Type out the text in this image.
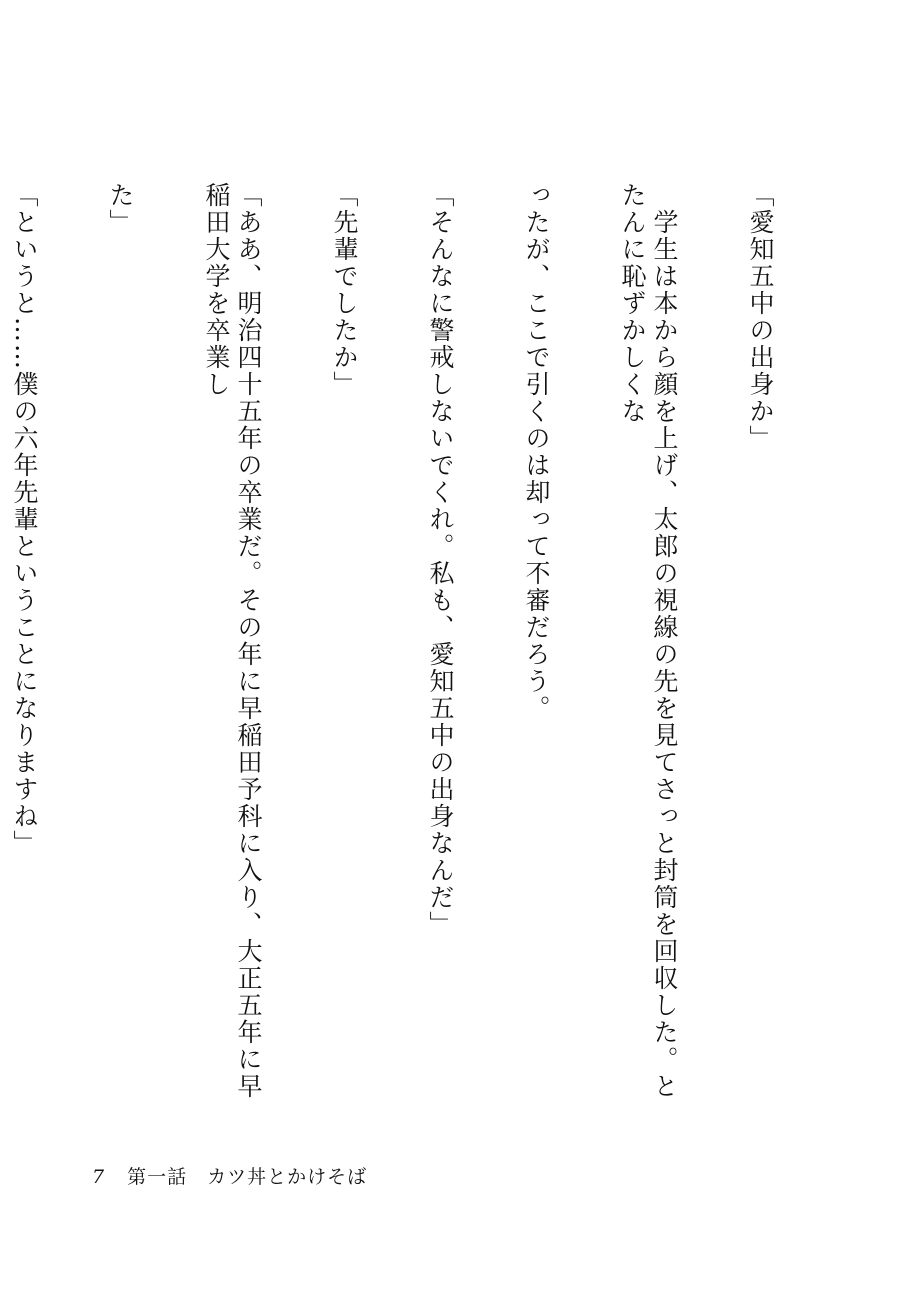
「愛知五中の出身か」

　学生は本から顔を上げ、太郎の視線の先を見てさっと封筒を回収した。とたんに恥ずかしくな

ったが、ここで引くのは却って不審だろう。

「そんなに警戒しないでくれ。私も、愛知五中の出身なんだ」

「先輩でしたか」

「ああ、明治四十五年の卒業だ。その年に早稲田予科に入り、大正五年に早稲田大学を卒業し

た」

「というと……僕の六年先輩ということになりますね」

7 第一話　カツ丼とかけそば
